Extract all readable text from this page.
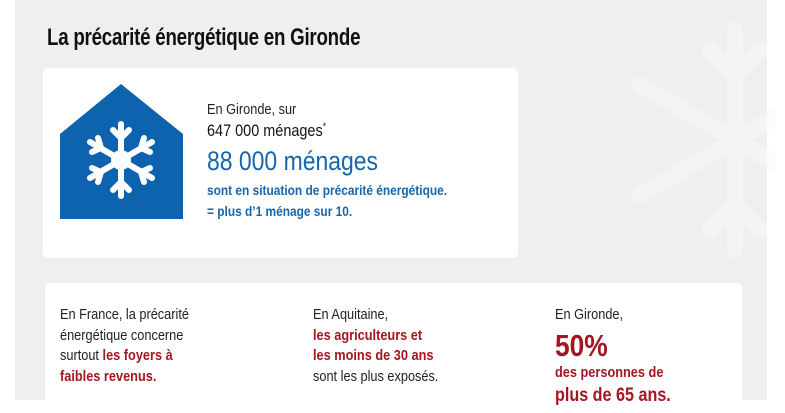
La précarité énergétique en Gironde
En Gironde, sur
647 000 ménages*
88 000 ménages
sont en situation de précarité énergétique.
= plus d’1 ménage sur 10.
En France, la précarité
énergétique concerne
surtout les foyers à
faibles revenus.
En Aquitaine,
les agriculteurs et
les moins de 30 ans
sont les plus exposés.
En Gironde,
50%
des personnes de
plus de 65 ans.
